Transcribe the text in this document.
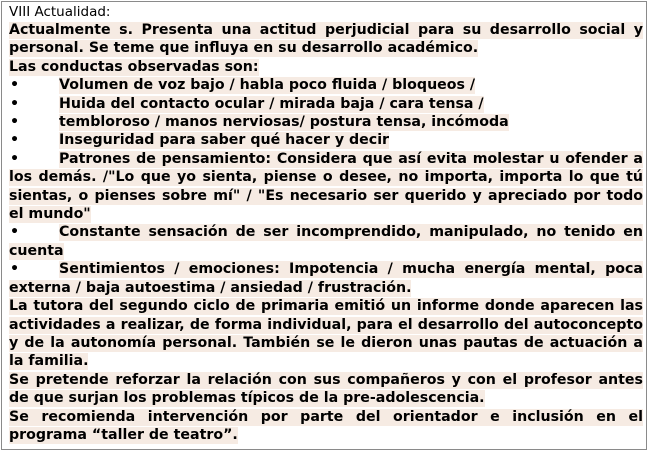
VIII Actualidad:

Actualmente s. Presenta una actitud perjudicial para su desarrollo social y personal. Se teme que influya en su desarrollo académico.

Las conductas observadas son:

•	Volumen de voz bajo / habla poco fluida / bloqueos /

•	Huida del contacto ocular / mirada baja / cara tensa /

•	tembloroso / manos nerviosas/ postura tensa, incómoda

•	Inseguridad para saber qué hacer y decir

•	Patrones de pensamiento: Considera que así evita molestar u ofender a los demás. /"Lo que yo sienta, piense o desee, no importa, importa lo que tú sientas, o pienses sobre mí" / "Es necesario ser querido y apreciado por todo el mundo"

•	Constante sensación de ser incomprendido, manipulado, no tenido en cuenta

•	Sentimientos / emociones: Impotencia / mucha energía mental, poca externa / baja autoestima / ansiedad / frustración.

La tutora del segundo ciclo de primaria emitió un informe donde aparecen las actividades a realizar, de forma individual, para el desarrollo del autoconcepto y de la autonomía personal. También se le dieron unas pautas de actuación a la familia.

Se pretende reforzar la relación con sus compañeros y con el profesor antes de que surjan los problemas típicos de la pre-adolescencia.

Se recomienda intervención por parte del orientador e inclusión en el programa “taller de teatro”.
